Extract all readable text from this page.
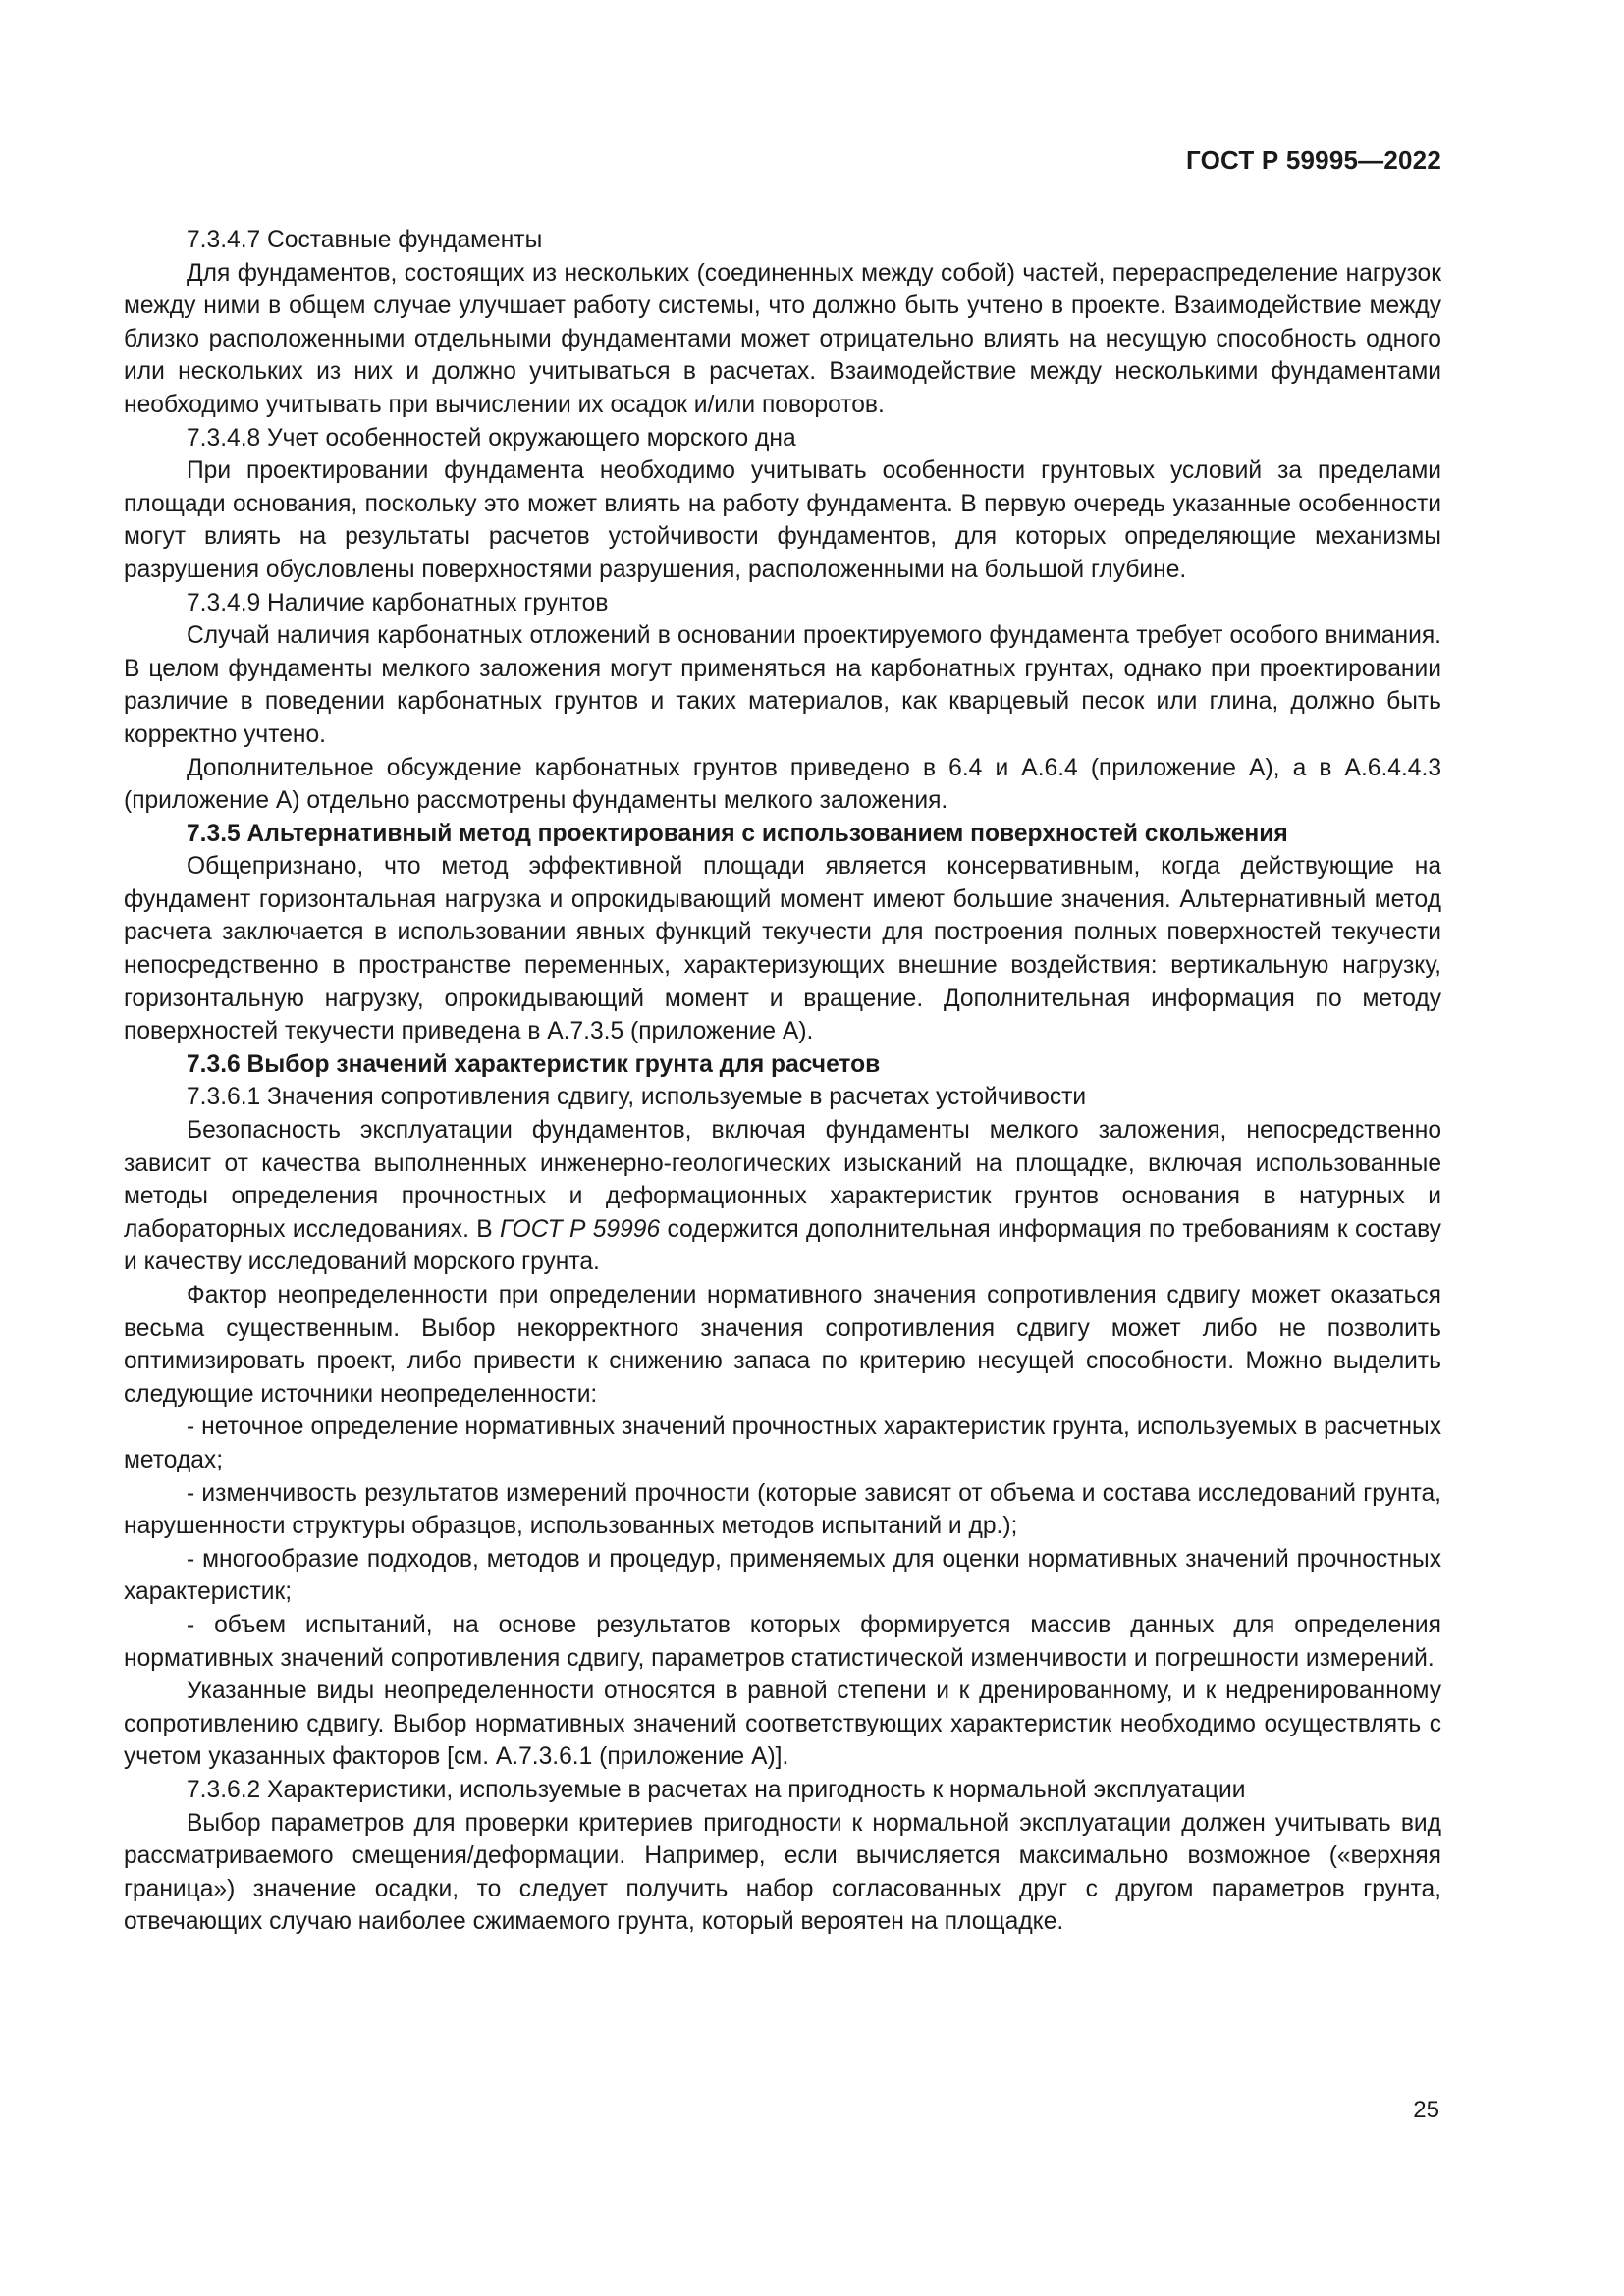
ГОСТ Р 59995—2022

7.3.4.7 Составные фундаменты

Для фундаментов, состоящих из нескольких (соединенных между собой) частей, перераспределение нагрузок между ними в общем случае улучшает работу системы, что должно быть учтено в проекте. Взаимодействие между близко расположенными отдельными фундаментами может отрицательно влиять на несущую способность одного или нескольких из них и должно учитываться в расчетах. Взаимодействие между несколькими фундаментами необходимо учитывать при вычислении их осадок и/или поворотов.

7.3.4.8 Учет особенностей окружающего морского дна

При проектировании фундамента необходимо учитывать особенности грунтовых условий за пределами площади основания, поскольку это может влиять на работу фундамента. В первую очередь указанные особенности могут влиять на результаты расчетов устойчивости фундаментов, для которых определяющие механизмы разрушения обусловлены поверхностями разрушения, расположенными на большой глубине.

7.3.4.9 Наличие карбонатных грунтов

Случай наличия карбонатных отложений в основании проектируемого фундамента требует особого внимания. В целом фундаменты мелкого заложения могут применяться на карбонатных грунтах, однако при проектировании различие в поведении карбонатных грунтов и таких материалов, как кварцевый песок или глина, должно быть корректно учтено.

Дополнительное обсуждение карбонатных грунтов приведено в 6.4 и А.6.4 (приложение А), а в А.6.4.4.3 (приложение А) отдельно рассмотрены фундаменты мелкого заложения.

7.3.5 Альтернативный метод проектирования с использованием поверхностей скольжения

Общепризнано, что метод эффективной площади является консервативным, когда действующие на фундамент горизонтальная нагрузка и опрокидывающий момент имеют большие значения. Альтернативный метод расчета заключается в использовании явных функций текучести для построения полных поверхностей текучести непосредственно в пространстве переменных, характеризующих внешние воздействия: вертикальную нагрузку, горизонтальную нагрузку, опрокидывающий момент и вращение. Дополнительная информация по методу поверхностей текучести приведена в А.7.3.5 (приложение А).

7.3.6 Выбор значений характеристик грунта для расчетов

7.3.6.1 Значения сопротивления сдвигу, используемые в расчетах устойчивости

Безопасность эксплуатации фундаментов, включая фундаменты мелкого заложения, непосредственно зависит от качества выполненных инженерно-геологических изысканий на площадке, включая использованные методы определения прочностных и деформационных характеристик грунтов основания в натурных и лабораторных исследованиях. В ГОСТ Р 59996 содержится дополнительная информация по требованиям к составу и качеству исследований морского грунта.

Фактор неопределенности при определении нормативного значения сопротивления сдвигу может оказаться весьма существенным. Выбор некорректного значения сопротивления сдвигу может либо не позволить оптимизировать проект, либо привести к снижению запаса по критерию несущей способности. Можно выделить следующие источники неопределенности:

- неточное определение нормативных значений прочностных характеристик грунта, используемых в расчетных методах;

- изменчивость результатов измерений прочности (которые зависят от объема и состава исследований грунта, нарушенности структуры образцов, использованных методов испытаний и др.);

- многообразие подходов, методов и процедур, применяемых для оценки нормативных значений прочностных характеристик;

- объем испытаний, на основе результатов которых формируется массив данных для определения нормативных значений сопротивления сдвигу, параметров статистической изменчивости и погрешности измерений.

Указанные виды неопределенности относятся в равной степени и к дренированному, и к недренированному сопротивлению сдвигу. Выбор нормативных значений соответствующих характеристик необходимо осуществлять с учетом указанных факторов [см. А.7.3.6.1 (приложение А)].

7.3.6.2 Характеристики, используемые в расчетах на пригодность к нормальной эксплуатации

Выбор параметров для проверки критериев пригодности к нормальной эксплуатации должен учитывать вид рассматриваемого смещения/деформации. Например, если вычисляется максимально возможное («верхняя граница») значение осадки, то следует получить набор согласованных друг с другом параметров грунта, отвечающих случаю наиболее сжимаемого грунта, который вероятен на площадке.

25
